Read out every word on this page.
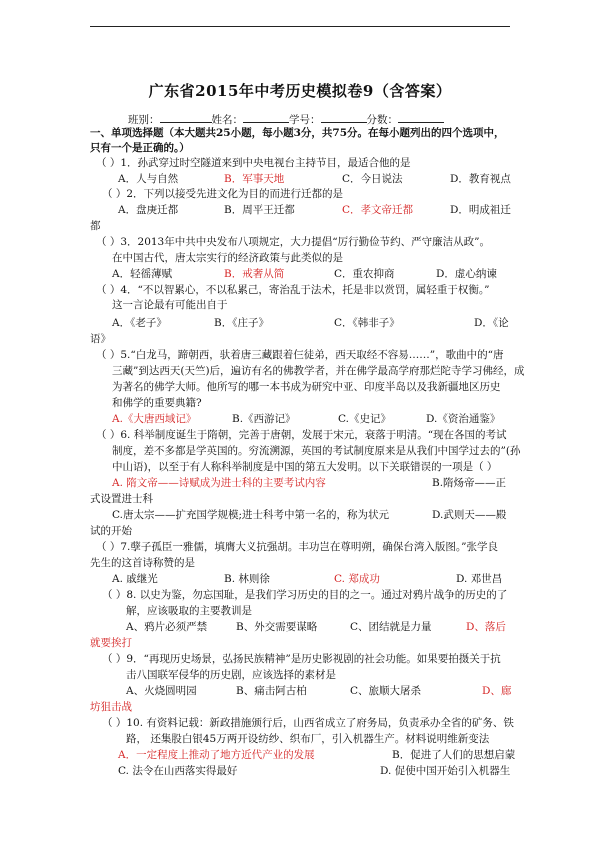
广东省2015年中考历史模拟卷9（含答案）
班别：	姓名：	学号：	分数：
一、单项选择题（本大题共25小题，每小题3分，共75分。在每小题列出的四个选项中，
只有一个是正确的。）
（ ）1．孙武穿过时空隧道来到中央电视台主持节目，最适合他的是
A．人与自然	B．军事天地	C．今日说法	D．教育视点
（ ）2．下列以接受先进文化为目的而进行迁都的是
A．盘庚迁都	B．周平王迁都	C．孝文帝迁都	D．明成祖迁
都
（ ）3．2013年中共中央发布八项规定，大力提倡“厉行勤俭节约、严守廉洁从政”。
在中国古代，唐太宗实行的经济政策与此类似的是
A．轻徭薄赋	B．戒奢从简	C．重农抑商	D．虚心纳谏
（ ）4．“不以智累心，不以私累己，寄治乱于法术，托是非以赏罚，属轻重于权衡。”
这一言论最有可能出自于
A．《老子》	B．《庄子》	C．《韩非子》	D．《论
语》
（ ）5.“白龙马，蹄朝西，驮着唐三藏跟着仨徒弟，西天取经不容易……”，歌曲中的“唐
三藏”到达西天(天竺)后，遍访有名的佛教学者，并在佛学最高学府那烂陀寺学习佛经，成
为著名的佛学大师。他所写的哪一本书成为研究中亚、印度半岛以及我新疆地区历史
和佛学的重要典籍?
A.《大唐西域记》	B.《西游记》	C.《史记》	D.《资治通鉴》
（ ）6. 科举制度诞生于隋朝，完善于唐朝，发展于宋元，衰落于明清。“现在各国的考试
制度，差不多都是学英国的。穷流溯源，英国的考试制度原来是从我们中国学过去的”(孙
中山语)，以至于有人称科举制度是中国的第五大发明。以下关联错误的一项是（ ）
A. 隋文帝——诗赋成为进士科的主要考试内容	B.隋炀帝——正
式设置进士科
C.唐太宗——扩充国学规模;进士科考中第一名的，称为状元	D.武则天——殿
试的开始
（ ）7.孽子孤臣一雅儒，填膺大义抗强胡。丰功岂在尊明朔，确保台湾入版图。”张学良
先生的这首诗称赞的是
A. 戚继光	B. 林则徐	C. 郑成功	D. 邓世昌
（ ）8. 以史为鉴，勿忘国耻，是我们学习历史的目的之一。通过对鸦片战争的历史的了
解，应该吸取的主要教训是
A、鸦片必须严禁	B、外交需要谋略	C、团结就是力量	D、落后
就要挨打
（ ）9．“再现历史场景，弘扬民族精神”是历史影视剧的社会功能。如果要拍摄关于抗
击八国联军侵华的历史剧，应该选择的素材是
A、火烧圆明园	B、痛击阿古柏	C、旅顺大屠杀	D、廊
坊狙击战
（ ）10. 有资料记载：新政措施颁行后，山西省成立了府务局，负责承办全省的矿务、铁
路， 还集股白银45万两开设纺纱、织布厂，引入机器生产。材料说明维新变法
A．一定程度上推动了地方近代产业的发展	B．促进了人们的思想启蒙
C. 法令在山西落实得最好	D. 促使中国开始引入机器生
